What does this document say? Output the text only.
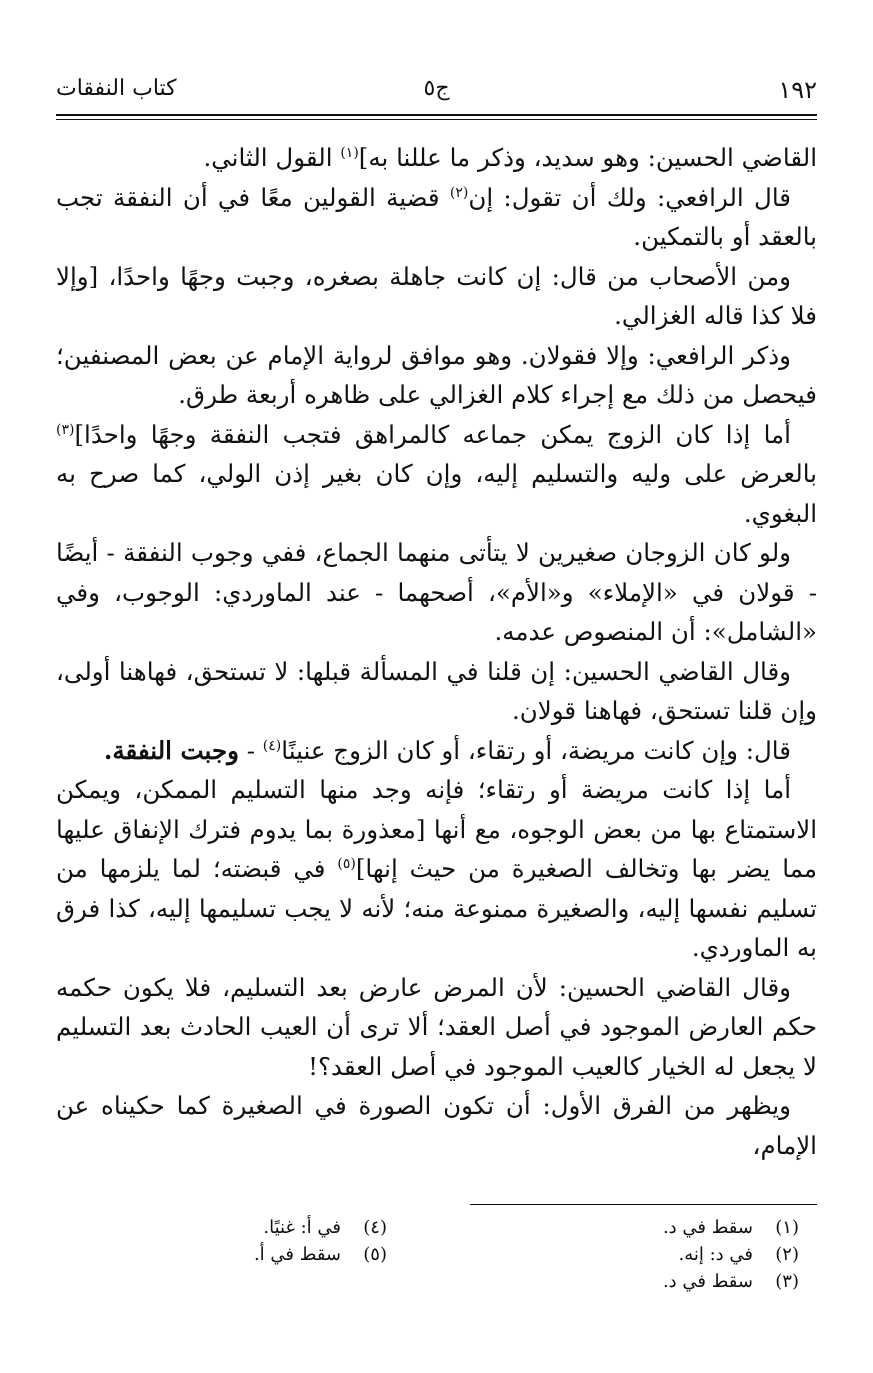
١٩٢
ج٥
كتاب النفقات

القاضي الحسين: وهو سديد، وذكر ما عللنا به]$^{(١)}$ القول الثاني.

قال الرافعي: ولك أن تقول: إن$^{(٢)}$ قضية القولين معًا في أن النفقة تجب بالعقد أو بالتمكين.

ومن الأصحاب من قال: إن كانت جاهلة بصغره، وجبت وجهًا واحدًا، [وإلا فلا كذا قاله الغزالي.

وذكر الرافعي: وإلا فقولان. وهو موافق لرواية الإمام عن بعض المصنفين؛ فيحصل من ذلك مع إجراء كلام الغزالي على ظاهره أربعة طرق.

أما إذا كان الزوج يمكن جماعه كالمراهق فتجب النفقة وجهًا واحدًا]$^{(٣)}$ بالعرض على وليه والتسليم إليه، وإن كان بغير إذن الولي، كما صرح به البغوي.

ولو كان الزوجان صغيرين لا يتأتى منهما الجماع، ففي وجوب النفقة - أيضًا - قولان في «الإملاء» و«الأم»، أصحهما - عند الماوردي: الوجوب، وفي «الشامل»: أن المنصوص عدمه.

وقال القاضي الحسين: إن قلنا في المسألة قبلها: لا تستحق، فهاهنا أولى، وإن قلنا تستحق، فهاهنا قولان.

قال: وإن كانت مريضة، أو رتقاء، أو كان الزوج عنينًا$^{(٤)}$ - وجبت النفقة.

أما إذا كانت مريضة أو رتقاء؛ فإنه وجد منها التسليم الممكن، ويمكن الاستمتاع بها من بعض الوجوه، مع أنها [معذورة بما يدوم فترك الإنفاق عليها مما يضر بها وتخالف الصغيرة من حيث إنها]$^{(٥)}$ في قبضته؛ لما يلزمها من تسليم نفسها إليه، والصغيرة ممنوعة منه؛ لأنه لا يجب تسليمها إليه، كذا فرق به الماوردي.

وقال القاضي الحسين: لأن المرض عارض بعد التسليم، فلا يكون حكمه حكم العارض الموجود في أصل العقد؛ ألا ترى أن العيب الحادث بعد التسليم لا يجعل له الخيار كالعيب الموجود في أصل العقد؟!

ويظهر من الفرق الأول: أن تكون الصورة في الصغيرة كما حكيناه عن الإمام،

(١)سقط في د.
(٢)في د: إنه.
(٣)سقط في د.
(٤)في أ: غنيًا.
(٥)سقط في أ.
